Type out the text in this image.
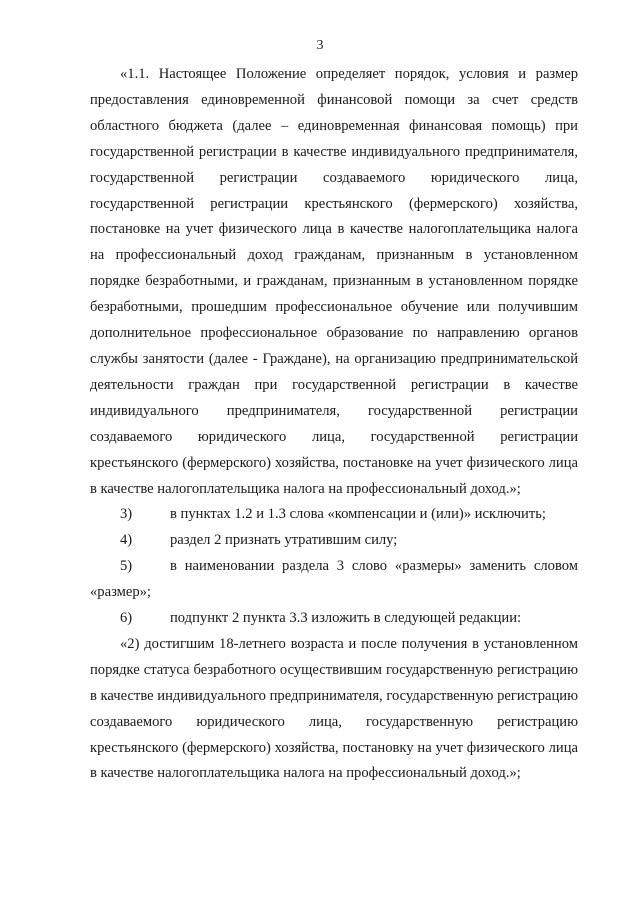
3

«1.1. Настоящее Положение определяет порядок, условия и размер предоставления единовременной финансовой помощи за счет средств областного бюджета (далее – единовременная финансовая помощь) при государственной регистрации в качестве индивидуального предпринимателя, государственной регистрации создаваемого юридического лица, государственной регистрации крестьянского (фермерского) хозяйства, постановке на учет физического лица в качестве налогоплательщика налога на профессиональный доход гражданам, признанным в установленном порядке безработными, и гражданам, признанным в установленном порядке безработными, прошедшим профессиональное обучение или получившим дополнительное профессиональное образование по направлению органов службы занятости (далее - Граждане), на организацию предпринимательской деятельности граждан при государственной регистрации в качестве индивидуального предпринимателя, государственной регистрации создаваемого юридического лица, государственной регистрации крестьянского (фермерского) хозяйства, постановке на учет физического лица в качестве налогоплательщика налога на профессиональный доход.»;

3)	в пунктах 1.2 и 1.3 слова «компенсации и (или)» исключить;
4)	раздел 2 признать утратившим силу;
5)	в наименовании раздела 3 слово «размеры» заменить словом

«размер»;

6)	подпункт 2 пункта 3.3 изложить в следующей редакции:

«2) достигшим 18-летнего возраста и после получения в установленном порядке статуса безработного осуществившим государственную регистрацию в качестве индивидуального предпринимателя, государственную регистрацию создаваемого юридического лица, государственную регистрацию крестьянского (фермерского) хозяйства, постановку на учет физического лица в качестве налогоплательщика налога на профессиональный доход.»;
